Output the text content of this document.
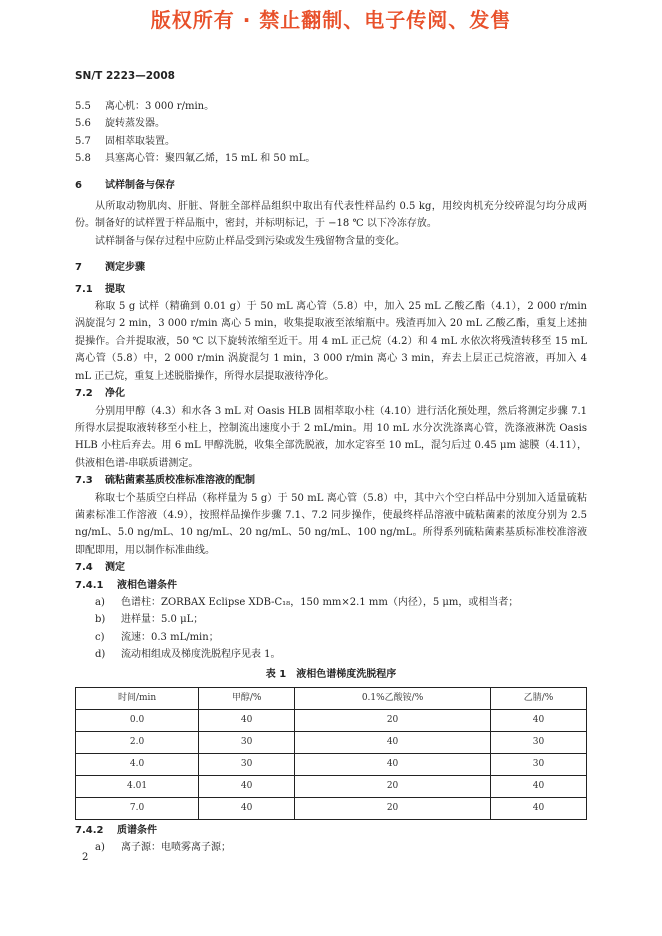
版权所有 · 禁止翻制、电子传阅、发售
SN/T 2223—2008
5.5	离心机：3 000 r/min。
5.6	旋转蒸发器。
5.7	固相萃取装置。
5.8	具塞离心管：聚四氟乙烯，15 mL 和 50 mL。
6	试样制备与保存
从所取动物肌肉、肝脏、肾脏全部样品组织中取出有代表性样品约 0.5 kg，用绞肉机充分绞碎混匀均分成两份。制备好的试样置于样品瓶中，密封，并标明标记，于 −18 ℃ 以下冷冻存放。
试样制备与保存过程中应防止样品受到污染或发生残留物含量的变化。
7	测定步骤
7.1	提取
称取 5 g 试样（精确到 0.01 g）于 50 mL 离心管（5.8）中，加入 25 mL 乙酸乙酯（4.1），2 000 r/min 涡旋混匀 2 min，3 000 r/min 离心 5 min，收集提取液至浓缩瓶中。残渣再加入 20 mL 乙酸乙酯，重复上述抽提操作。合并提取液，50 ℃ 以下旋转浓缩至近干。用 4 mL 正己烷（4.2）和 4 mL 水依次将残渣转移至 15 mL 离心管（5.8）中，2 000 r/min 涡旋混匀 1 min，3 000 r/min 离心 3 min，弃去上层正己烷溶液，再加入 4 mL 正己烷，重复上述脱脂操作，所得水层提取液待净化。
7.2	净化
分别用甲醇（4.3）和水各 3 mL 对 Oasis HLB 固相萃取小柱（4.10）进行活化预处理，然后将测定步骤 7.1 所得水层提取液转移至小柱上，控制流出速度小于 2 mL/min。用 10 mL 水分次洗涤离心管，洗涤液淋洗 Oasis HLB 小柱后弃去。用 6 mL 甲醇洗脱，收集全部洗脱液，加水定容至 10 mL，混匀后过 0.45 μm 滤膜（4.11），供液相色谱-串联质谱测定。
7.3	硫粘菌素基质校准标准溶液的配制
称取七个基质空白样品（称样量为 5 g）于 50 mL 离心管（5.8）中，其中六个空白样品中分别加入适量硫粘菌素标准工作溶液（4.9），按照样品操作步骤 7.1、7.2 同步操作，使最终样品溶液中硫粘菌素的浓度分别为 2.5 ng/mL、5.0 ng/mL、10 ng/mL、20 ng/mL、50 ng/mL、100 ng/mL。所得系列硫粘菌素基质标准校准溶液即配即用，用以制作标准曲线。
7.4	测定
7.4.1	液相色谱条件
a)	色谱柱：ZORBAX Eclipse XDB-C₁₈，150 mm×2.1 mm（内径），5 μm，或相当者；
b)	进样量：5.0 μL；
c)	流速：0.3 mL/min；
d)	流动相组成及梯度洗脱程序见表 1。
表 1　液相色谱梯度洗脱程序
时间/min	甲醇/%	0.1%乙酸铵/%	乙腈/%
0.0	40	20	40
2.0	30	40	30
4.0	30	40	30
4.01	40	20	40
7.0	40	20	40
7.4.2	质谱条件
a)	离子源：电喷雾离子源；
2
